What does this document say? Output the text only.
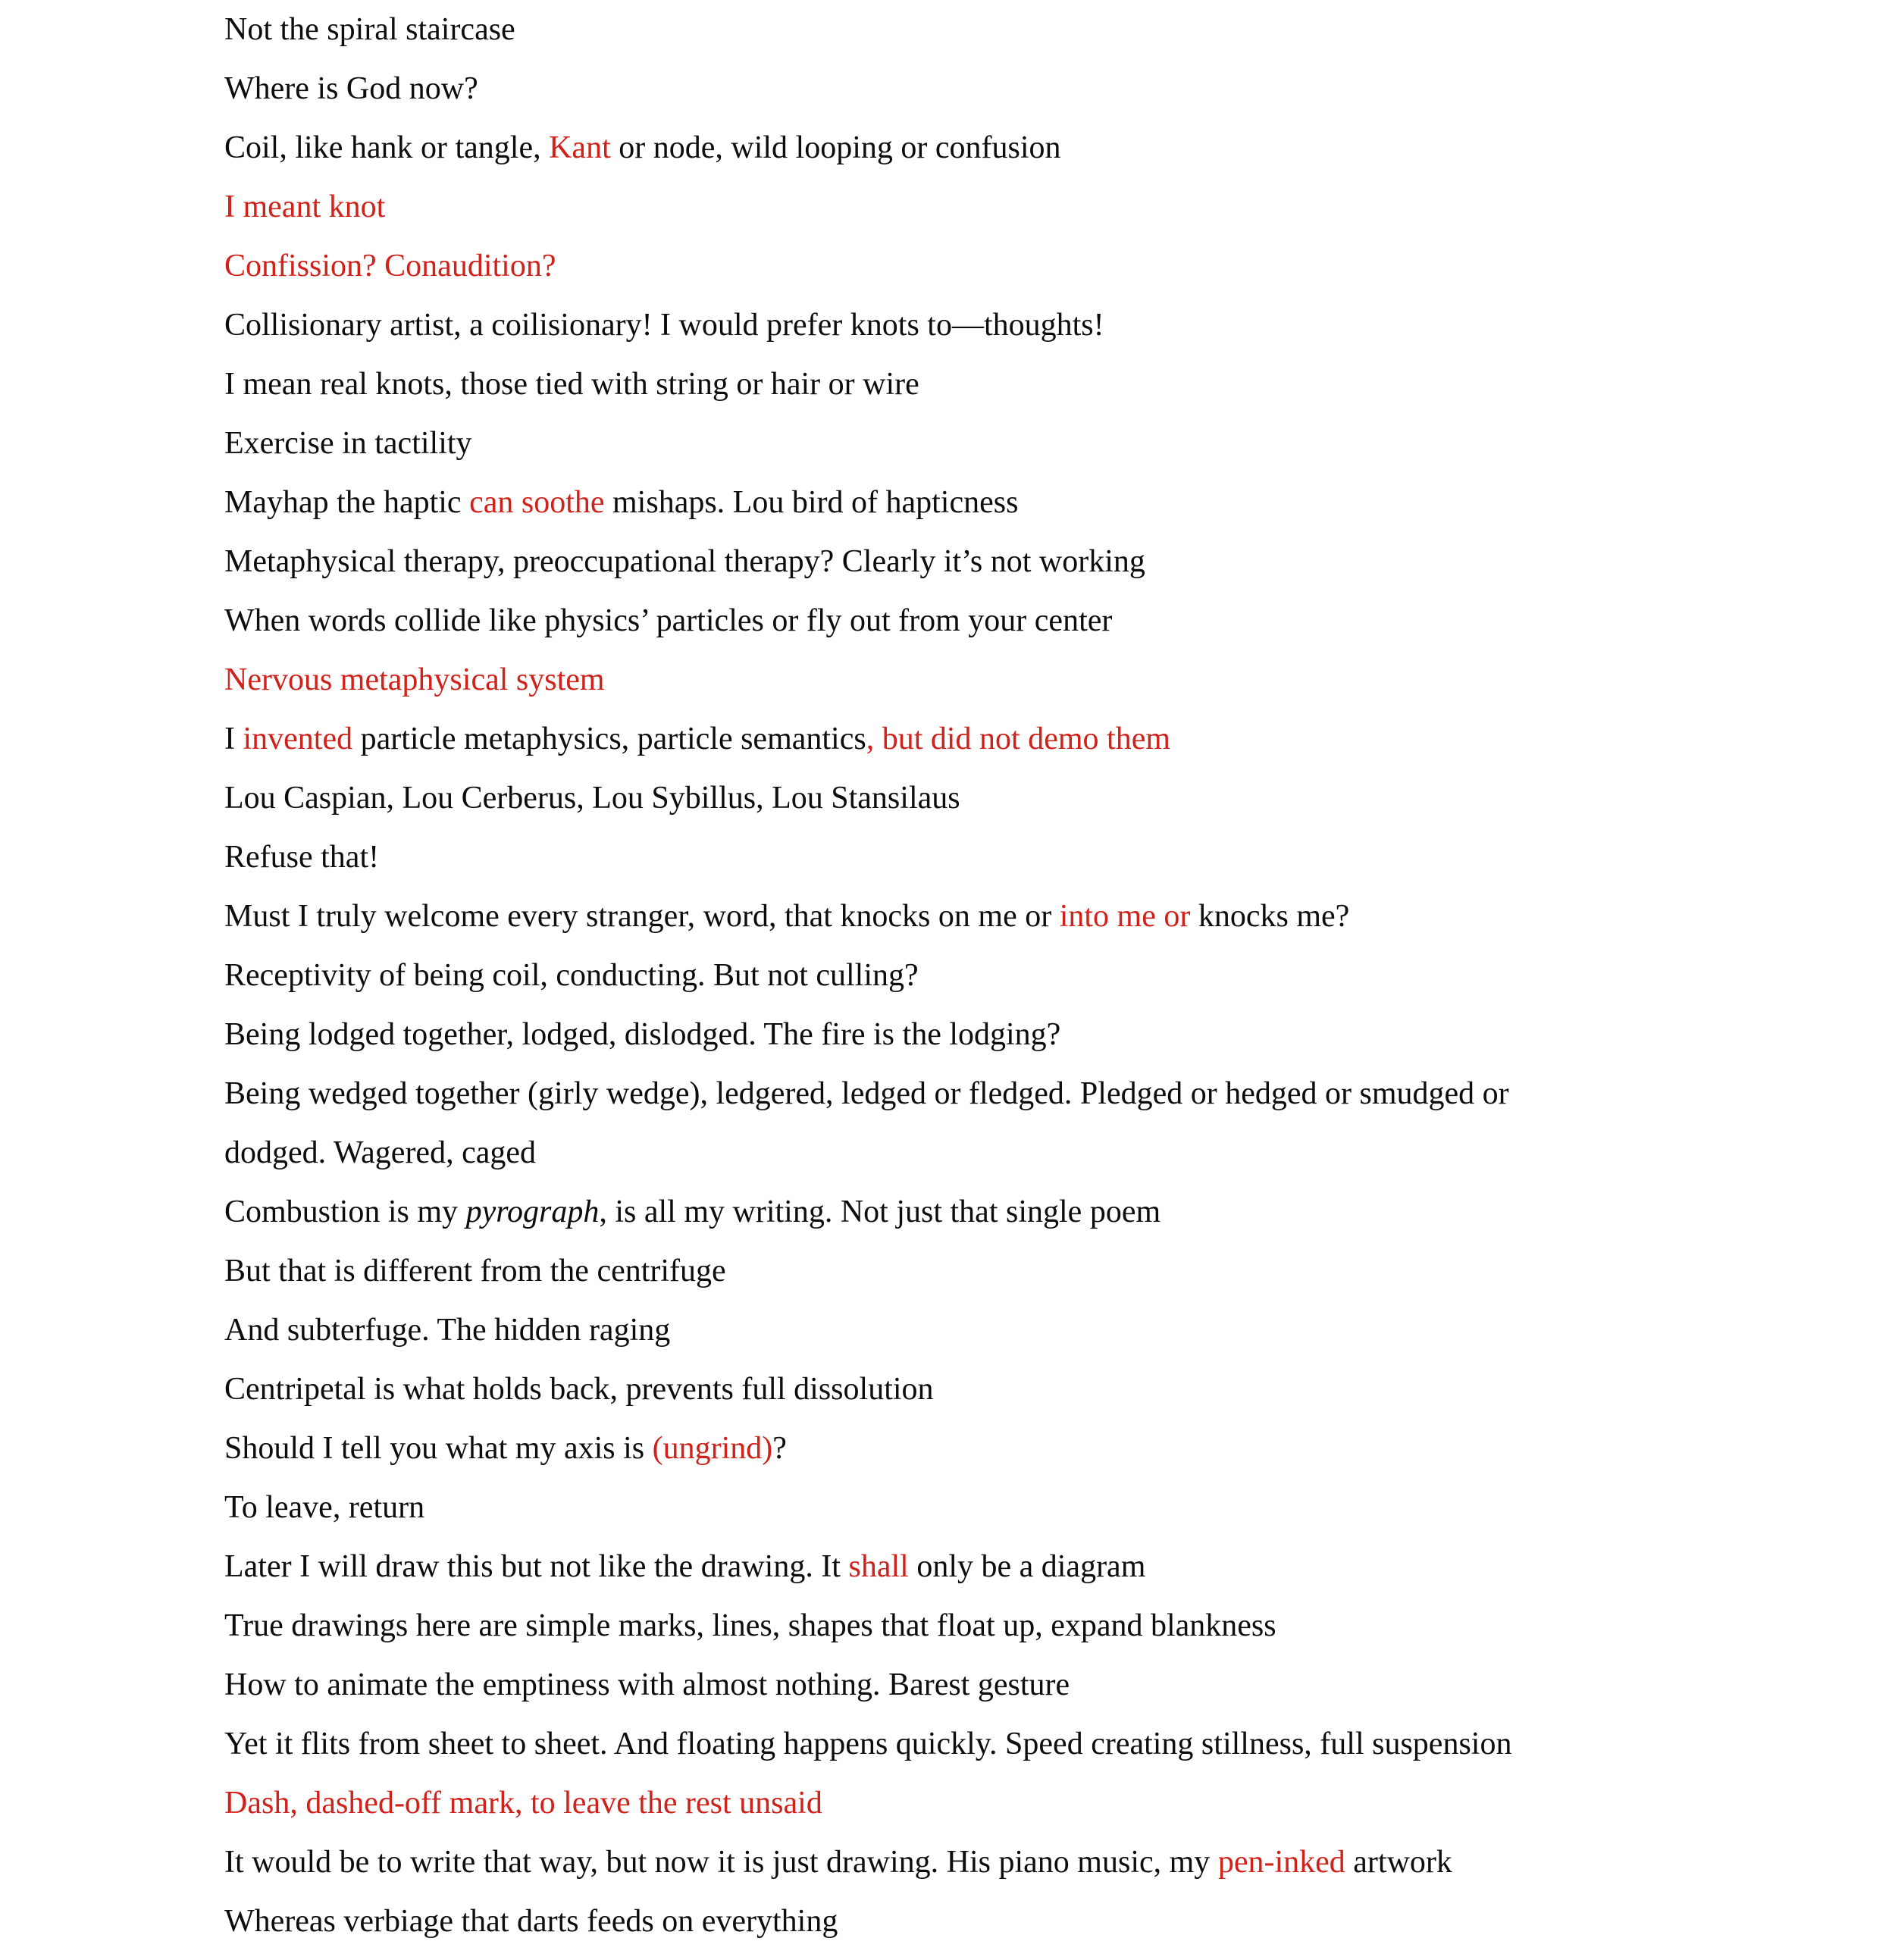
Not the spiral staircase
Where is God now?
Coil, like hank or tangle, Kant or node, wild looping or confusion
I meant knot
Confission? Conaudition?
Collisionary artist, a coilisionary! I would prefer knots to—thoughts!
I mean real knots, those tied with string or hair or wire
Exercise in tactility
Mayhap the haptic can soothe mishaps. Lou bird of hapticness
Metaphysical therapy, preoccupational therapy? Clearly it’s not working
When words collide like physics’ particles or fly out from your center
Nervous metaphysical system
I invented particle metaphysics, particle semantics, but did not demo them
Lou Caspian, Lou Cerberus, Lou Sybillus, Lou Stansilaus
Refuse that!
Must I truly welcome every stranger, word, that knocks on me or into me or knocks me?
Receptivity of being coil, conducting. But not culling?
Being lodged together, lodged, dislodged. The fire is the lodging?
Being wedged together (girly wedge), ledgered, ledged or fledged. Pledged or hedged or smudged or
dodged. Wagered, caged
Combustion is my pyrograph, is all my writing. Not just that single poem
But that is different from the centrifuge
And subterfuge. The hidden raging
Centripetal is what holds back, prevents full dissolution
Should I tell you what my axis is (ungrind)?
To leave, return
Later I will draw this but not like the drawing. It shall only be a diagram
True drawings here are simple marks, lines, shapes that float up, expand blankness
How to animate the emptiness with almost nothing. Barest gesture
Yet it flits from sheet to sheet. And floating happens quickly. Speed creating stillness, full suspension
Dash, dashed-off mark, to leave the rest unsaid
It would be to write that way, but now it is just drawing. His piano music, my pen-inked artwork
Whereas verbiage that darts feeds on everything
